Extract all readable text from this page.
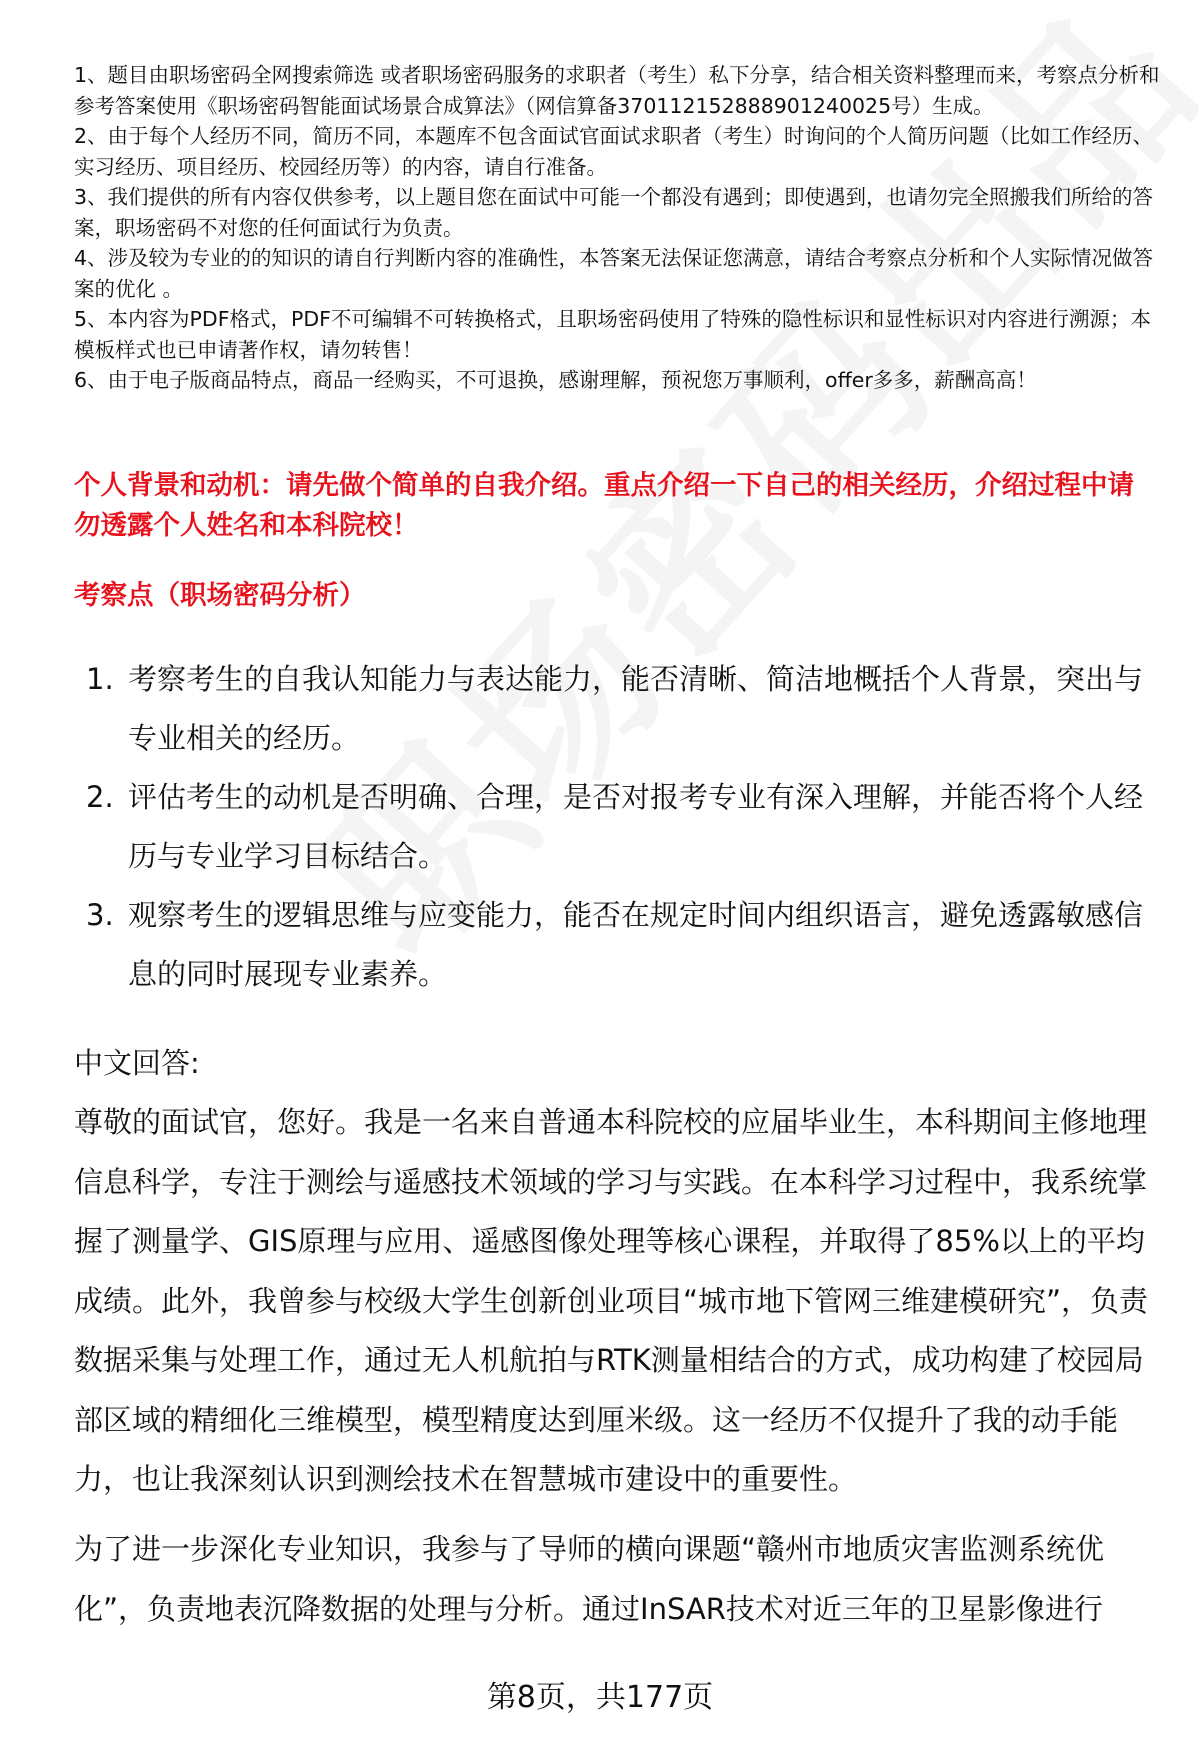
1、题目由职场密码全网搜索筛选 或者职场密码服务的求职者（考生）私下分享，结合相关资料整理而来，考察点分析和参考答案使用《职场密码智能面试场景合成算法》（网信算备370112152888901240025号）生成。

2、由于每个人经历不同，简历不同，本题库不包含面试官面试求职者（考生）时询问的个人简历问题（比如工作经历、实习经历、项目经历、校园经历等）的内容，请自行准备。

3、我们提供的所有内容仅供参考，以上题目您在面试中可能一个都没有遇到；即使遇到，也请勿完全照搬我们所给的答案，职场密码不对您的任何面试行为负责。

4、涉及较为专业的的知识的请自行判断内容的准确性，本答案无法保证您满意，请结合考察点分析和个人实际情况做答案的优化 。

5、本内容为PDF格式，PDF不可编辑不可转换格式，且职场密码使用了特殊的隐性标识和显性标识对内容进行溯源；本模板样式也已申请著作权，请勿转售！

6、由于电子版商品特点，商品一经购买，不可退换，感谢理解，预祝您万事顺利，offer多多，薪酬高高！

个人背景和动机：请先做个简单的自我介绍。重点介绍一下自己的相关经历，介绍过程中请勿透露个人姓名和本科院校！

考察点（职场密码分析）

1. 考察考生的自我认知能力与表达能力，能否清晰、简洁地概括个人背景，突出与专业相关的经历。
2. 评估考生的动机是否明确、合理，是否对报考专业有深入理解，并能否将个人经历与专业学习目标结合。
3. 观察考生的逻辑思维与应变能力，能否在规定时间内组织语言，避免透露敏感信息的同时展现专业素养。

中文回答:

尊敬的面试官，您好。我是一名来自普通本科院校的应届毕业生，本科期间主修地理信息科学，专注于测绘与遥感技术领域的学习与实践。在本科学习过程中，我系统掌握了测量学、GIS原理与应用、遥感图像处理等核心课程，并取得了85%以上的平均成绩。此外，我曾参与校级大学生创新创业项目“城市地下管网三维建模研究”，负责数据采集与处理工作，通过无人机航拍与RTK测量相结合的方式，成功构建了校园局部区域的精细化三维模型，模型精度达到厘米级。这一经历不仅提升了我的动手能力，也让我深刻认识到测绘技术在智慧城市建设中的重要性。

为了进一步深化专业知识，我参与了导师的横向课题“赣州市地质灾害监测系统优化”，负责地表沉降数据的处理与分析。通过InSAR技术对近三年的卫星影像进行

第8页，共177页
